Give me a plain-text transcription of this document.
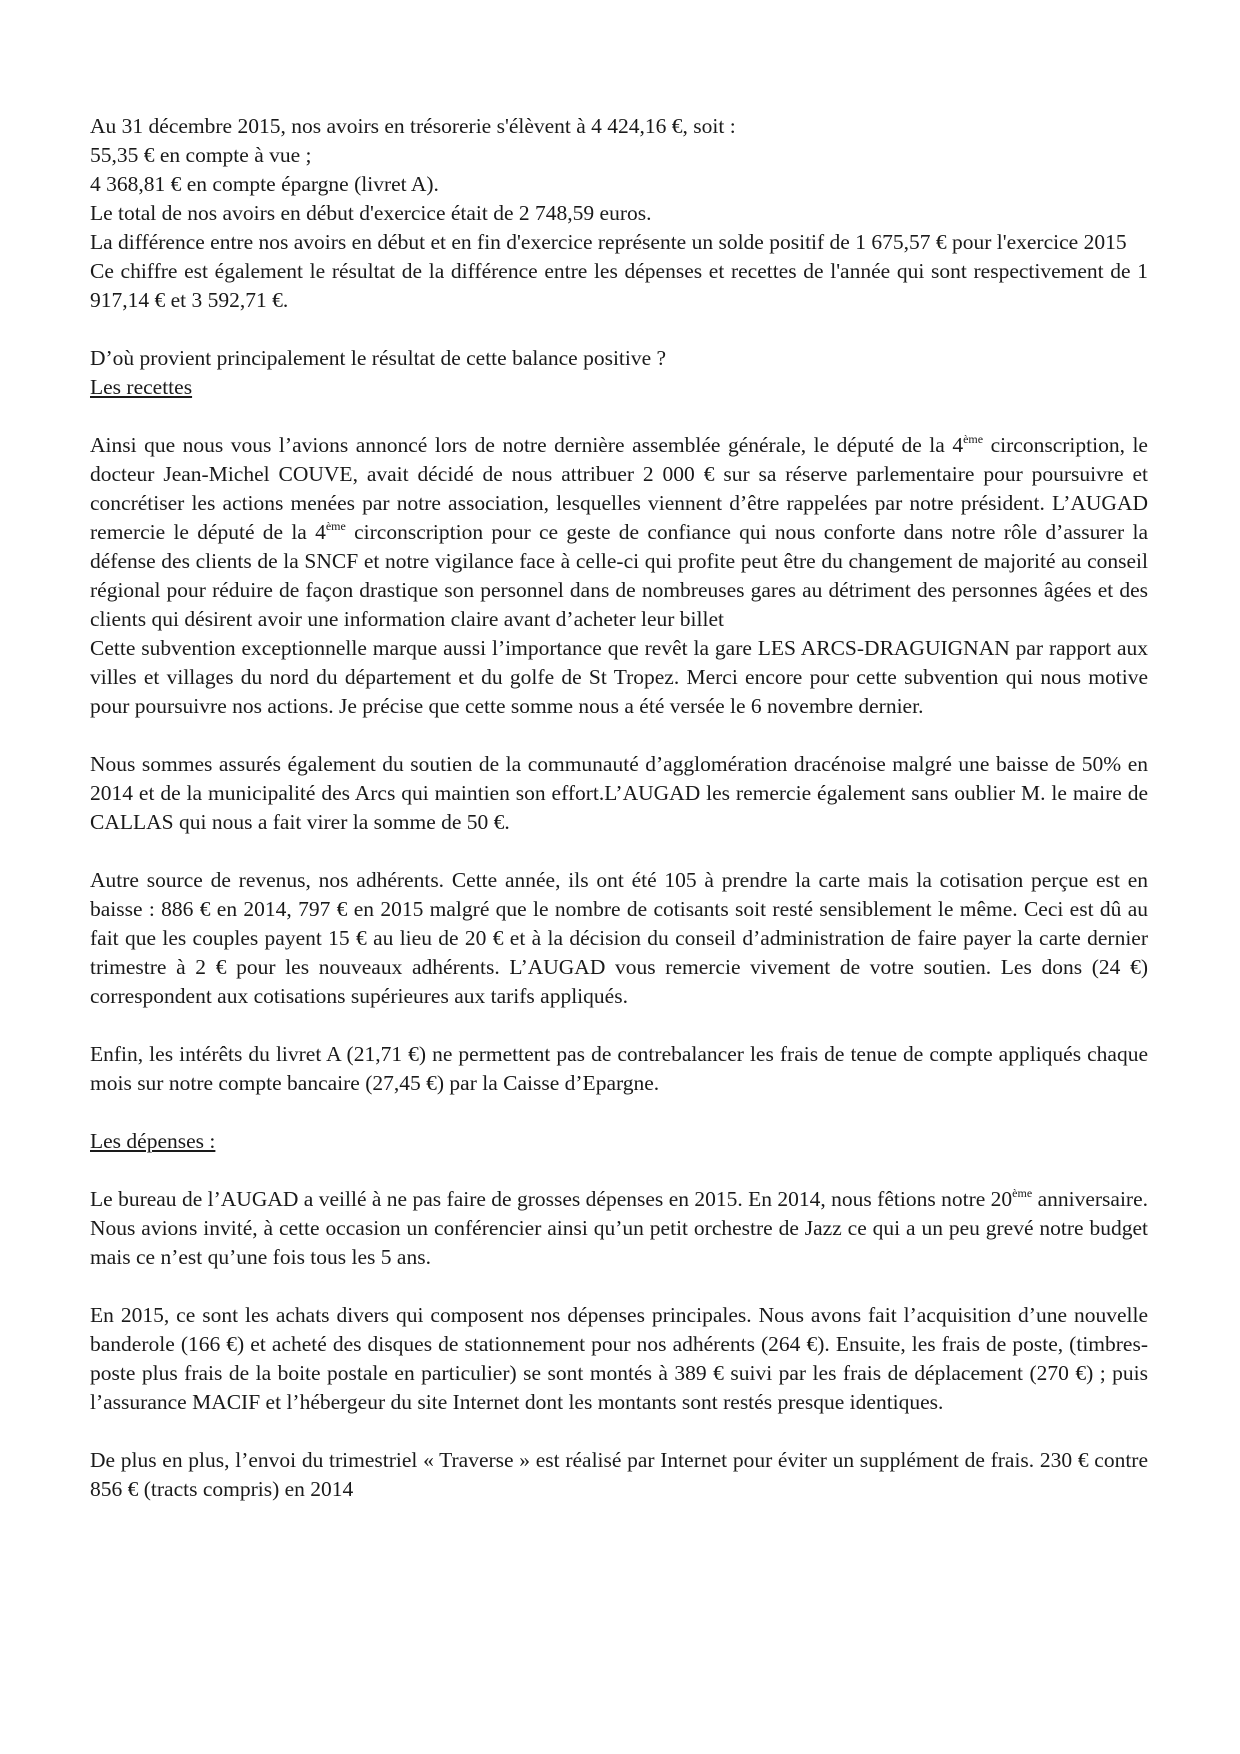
Au 31 décembre 2015, nos avoirs en trésorerie s'élèvent à 4 424,16 €, soit :

55,35 € en compte à vue ;

4 368,81 € en compte épargne (livret A).

Le total de nos avoirs en début d'exercice était de 2 748,59 euros.

La différence entre nos avoirs en début et en fin d'exercice représente un solde positif de 1 675,57 € pour l'exercice 2015

Ce chiffre est également le résultat de la différence entre les dépenses et recettes de l'année qui sont respectivement de 1 917,14 € et 3 592,71 €.

D’où provient principalement le résultat de cette balance positive ?

Les recettes

Ainsi que nous vous l’avions annoncé lors de notre dernière assemblée générale, le député de la 4ème circonscription, le docteur Jean-Michel COUVE, avait décidé de nous attribuer 2 000 € sur sa réserve parlementaire pour poursuivre et concrétiser les actions menées par notre association, lesquelles viennent d’être rappelées par notre président. L’AUGAD remercie le député de la 4ème circonscription pour ce geste de confiance qui nous conforte dans notre rôle d’assurer la défense des clients de la SNCF et notre vigilance face à celle-ci qui profite peut être du changement de majorité au conseil régional pour réduire de façon drastique son personnel dans de nombreuses gares au détriment des personnes âgées et des clients qui désirent avoir une information claire avant d’acheter leur billet

Cette subvention exceptionnelle marque aussi l’importance que revêt la gare LES ARCS-DRAGUIGNAN par rapport aux villes et villages du nord du département et du golfe de St Tropez. Merci encore pour cette subvention qui nous motive pour poursuivre nos actions. Je précise que cette somme nous a été versée le 6 novembre dernier.

Nous sommes assurés également du soutien de la communauté d’agglomération dracénoise malgré une baisse de 50% en 2014 et de la municipalité des Arcs qui maintien son effort.L’AUGAD les remercie également sans oublier M. le maire de CALLAS qui nous a fait virer la somme de 50 €.

Autre source de revenus, nos adhérents. Cette année, ils ont été 105 à prendre la carte mais la cotisation perçue est en baisse : 886 € en 2014, 797 € en 2015 malgré que le nombre de cotisants soit resté sensiblement le même. Ceci est dû au fait que les couples payent 15 € au lieu de 20 € et à la décision du conseil d’administration de faire payer la carte dernier trimestre à 2 € pour les nouveaux adhérents. L’AUGAD vous remercie vivement de votre soutien. Les dons (24 €) correspondent aux cotisations supérieures aux tarifs appliqués.

Enfin, les intérêts du livret A (21,71 €) ne permettent pas de contrebalancer les frais de tenue de compte appliqués chaque mois sur notre compte bancaire (27,45 €) par la Caisse d’Epargne.

Les dépenses :

Le bureau de l’AUGAD a veillé à ne pas faire de grosses dépenses en 2015. En 2014, nous fêtions notre 20ème anniversaire. Nous avions invité, à cette occasion un conférencier ainsi qu’un petit orchestre de Jazz ce qui a un peu grevé notre budget mais ce n’est qu’une fois tous les 5 ans.

En 2015, ce sont les achats divers qui composent nos dépenses principales. Nous avons fait l’acquisition d’une nouvelle banderole (166 €) et acheté des disques de stationnement pour nos adhérents (264 €). Ensuite, les frais de poste, (timbres-poste plus frais de la boite postale en particulier) se sont montés à 389 € suivi par les frais de déplacement (270 €) ; puis l’assurance MACIF et l’hébergeur du site Internet dont les montants sont restés presque identiques.

De plus en plus, l’envoi du trimestriel « Traverse » est réalisé par Internet pour éviter un supplément de frais. 230 € contre 856 € (tracts compris) en 2014
